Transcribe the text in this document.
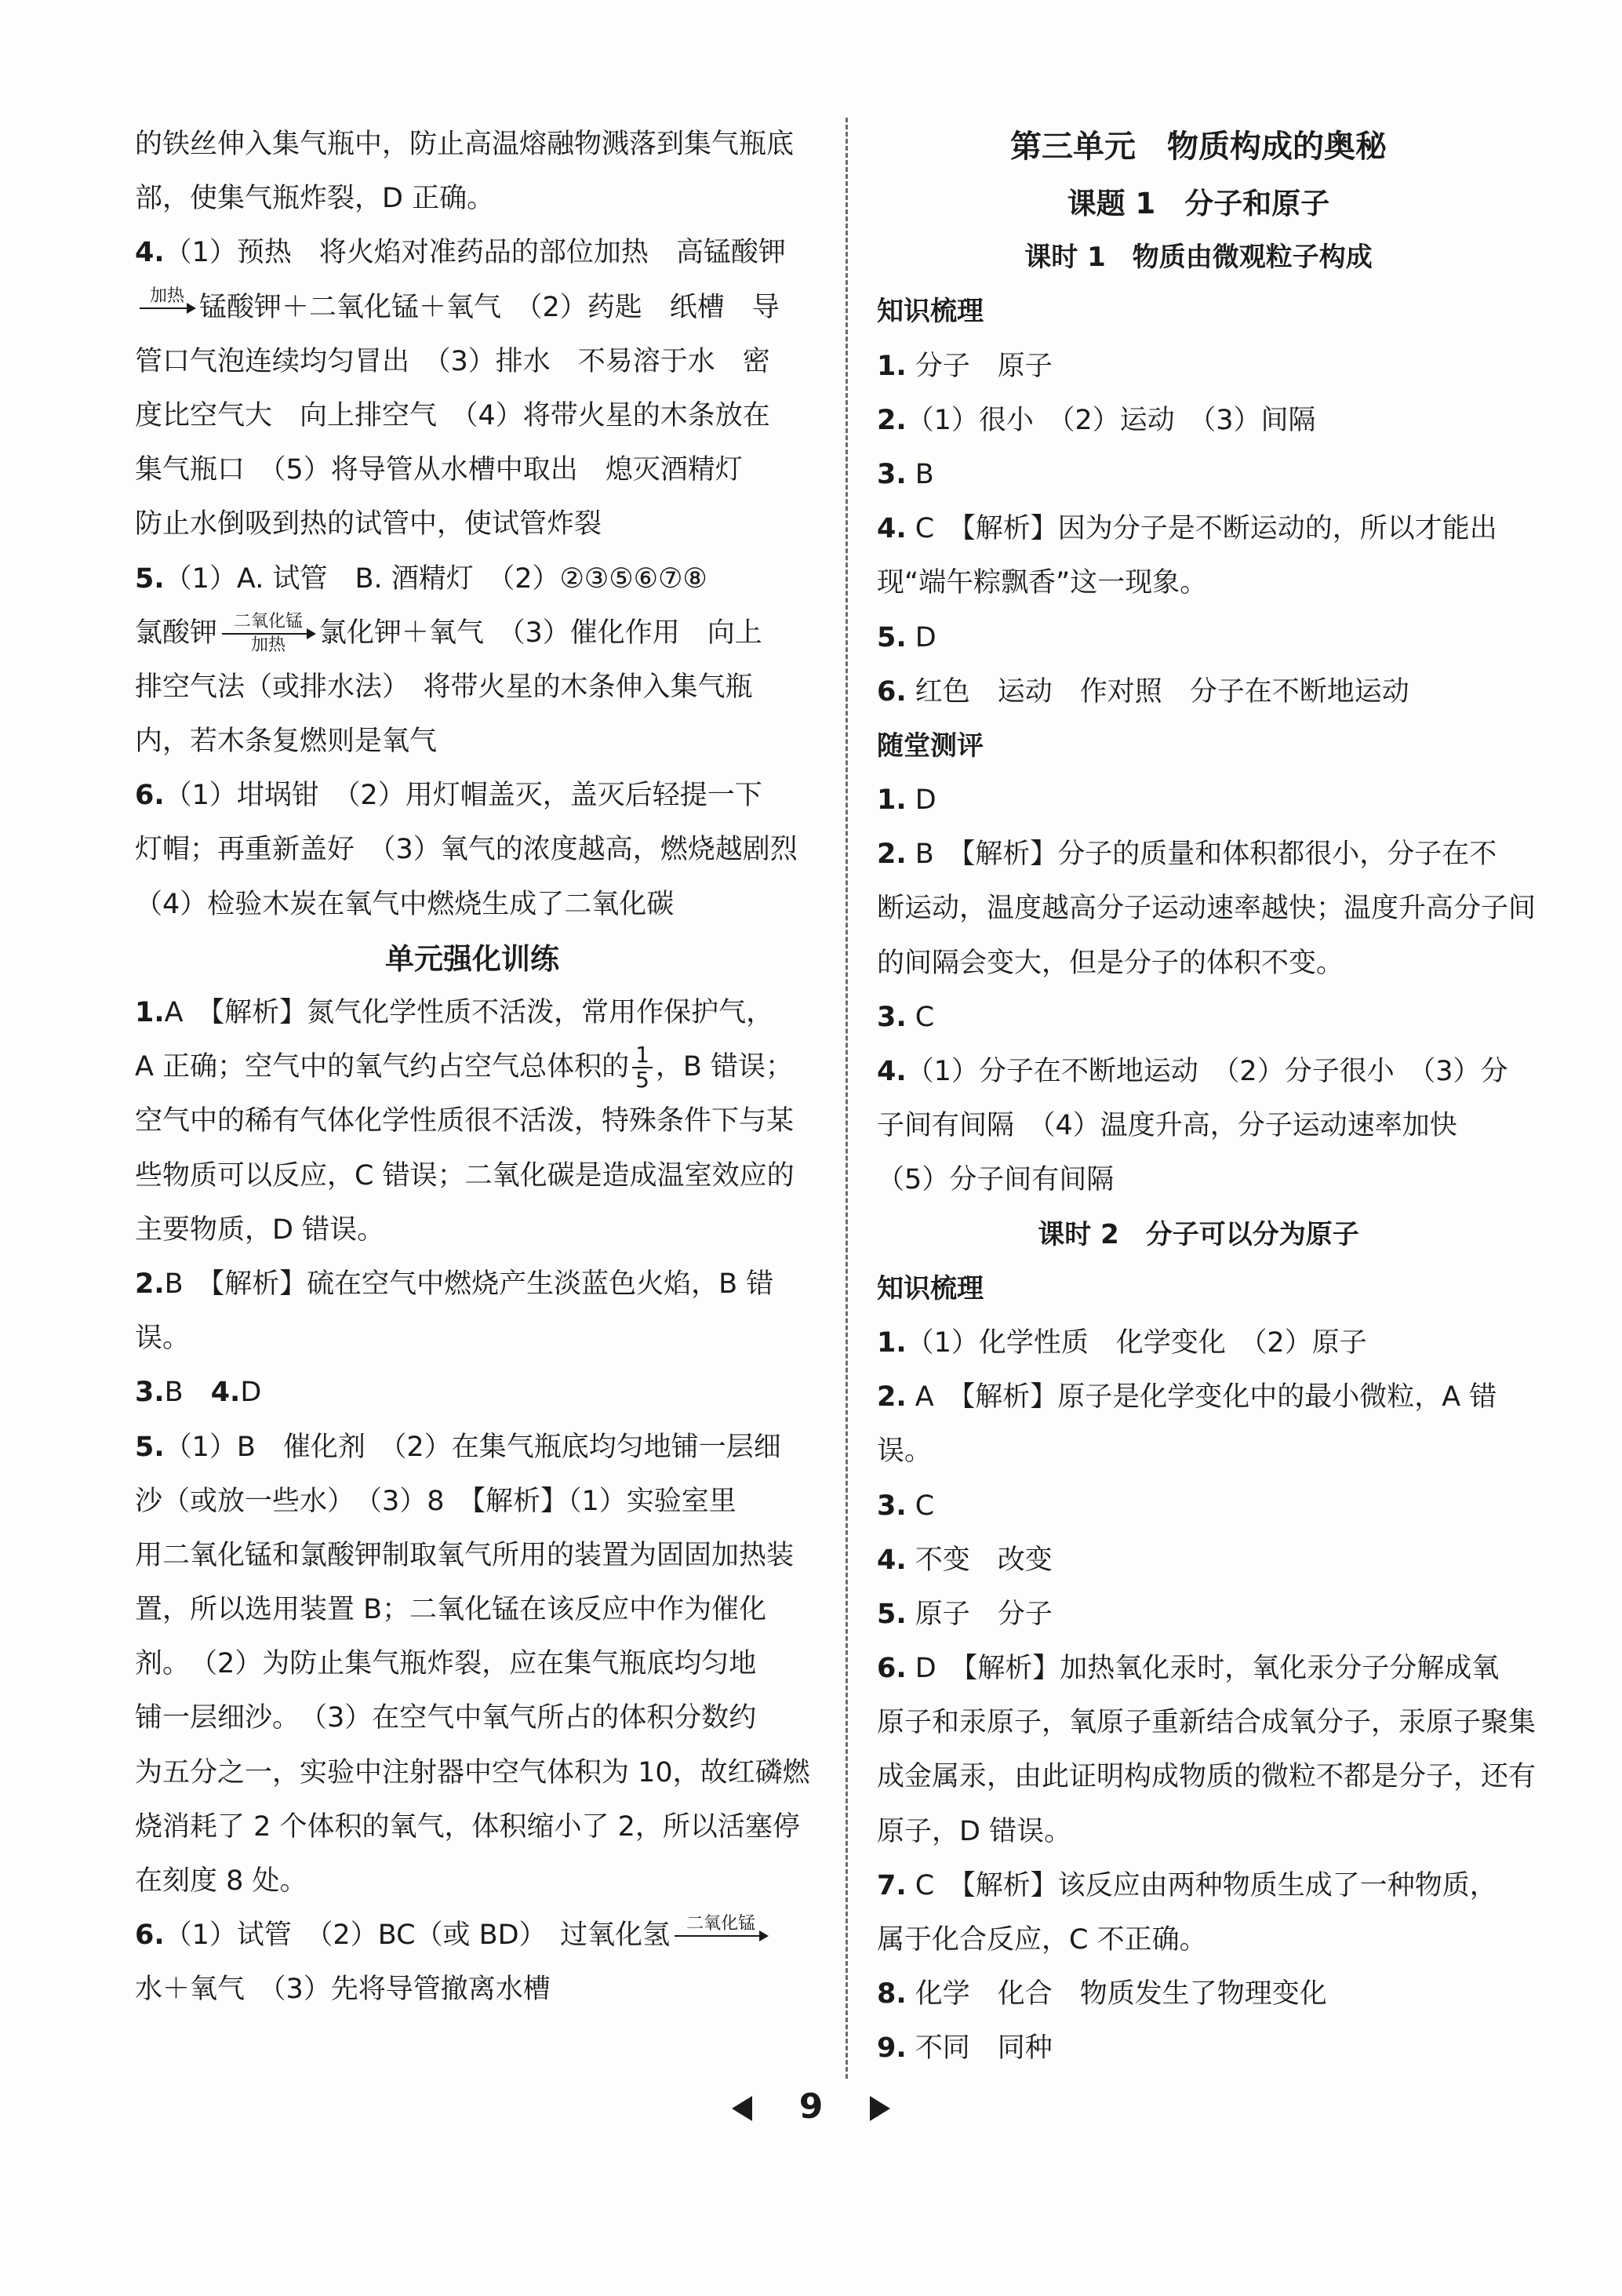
的铁丝伸入集气瓶中，防止高温熔融物溅落到集气瓶底
部，使集气瓶炸裂，D 正确。
4.（1）预热　将火焰对准药品的部位加热　高锰酸钾
加热 锰酸钾＋二氧化锰＋氧气　（2）药匙　纸槽　导
管口气泡连续均匀冒出　（3）排水　不易溶于水　密
度比空气大　向上排空气　（4）将带火星的木条放在
集气瓶口　（5）将导管从水槽中取出　熄灭酒精灯
防止水倒吸到热的试管中，使试管炸裂
5.（1）A. 试管　B. 酒精灯　（2）②③⑤⑥⑦⑧
氯酸钾 二氧化锰
加热 氯化钾＋氧气　（3）催化作用　向上
排空气法（或排水法）　将带火星的木条伸入集气瓶
内，若木条复燃则是氧气
6.（1）坩埚钳　（2）用灯帽盖灭，盖灭后轻提一下
灯帽；再重新盖好　（3）氧气的浓度越高，燃烧越剧烈
（4）检验木炭在氧气中燃烧生成了二氧化碳
单元强化训练
1.A　【解析】氮气化学性质不活泼，常用作保护气，
A 正确；空气中的氧气约占空气总体积的 $\frac{1}{5}$ ，B 错误；
空气中的稀有气体化学性质很不活泼，特殊条件下与某
些物质可以反应，C 错误；二氧化碳是造成温室效应的
主要物质，D 错误。
2.B　【解析】硫在空气中燃烧产生淡蓝色火焰，B 错
误。
3.B　 4.D
5.（1）B　催化剂　（2）在集气瓶底均匀地铺一层细
沙（或放一些水）　（3）8　【解析】（1）实验室里
用二氧化锰和氯酸钾制取氧气所用的装置为固固加热装
置，所以选用装置 B；二氧化锰在该反应中作为催化
剂。　（2）为防止集气瓶炸裂，应在集气瓶底均匀地
铺一层细沙。　（3）在空气中氧气所占的体积分数约
为五分之一，实验中注射器中空气体积为 10，故红磷燃
烧消耗了 2 个体积的氧气，体积缩小了 2，所以活塞停
在刻度 8 处。
6.（1）试管　（2）BC（或 BD）　过氧化氢 二氧化锰
水＋氧气　（3）先将导管撤离水槽
第三单元　物质构成的奥秘
课题 1　分子和原子
课时 1　物质由微观粒子构成
知识梳理
1. 分子　原子
2.（1）很小　（2）运动　（3）间隔
3. B
4. C　【解析】因为分子是不断运动的，所以才能出
现“端午粽飘香”这一现象。
5. D
6. 红色　运动　作对照　分子在不断地运动
随堂测评
1. D
2. B　【解析】分子的质量和体积都很小，分子在不
断运动，温度越高分子运动速率越快；温度升高分子间
的间隔会变大，但是分子的体积不变。
3. C
4.（1）分子在不断地运动　（2）分子很小　（3）分
子间有间隔　（4）温度升高，分子运动速率加快
（5）分子间有间隔
课时 2　分子可以分为原子
知识梳理
1.（1）化学性质　化学变化　（2）原子
2. A　【解析】原子是化学变化中的最小微粒，A 错
误。
3. C
4. 不变　改变
5. 原子　分子
6. D　【解析】加热氧化汞时，氧化汞分子分解成氧
原子和汞原子，氧原子重新结合成氧分子，汞原子聚集
成金属汞，由此证明构成物质的微粒不都是分子，还有
原子，D 错误。
7. C　【解析】该反应由两种物质生成了一种物质，
属于化合反应，C 不正确。
8. 化学　化合　物质发生了物理变化
9. 不同　同种
9
